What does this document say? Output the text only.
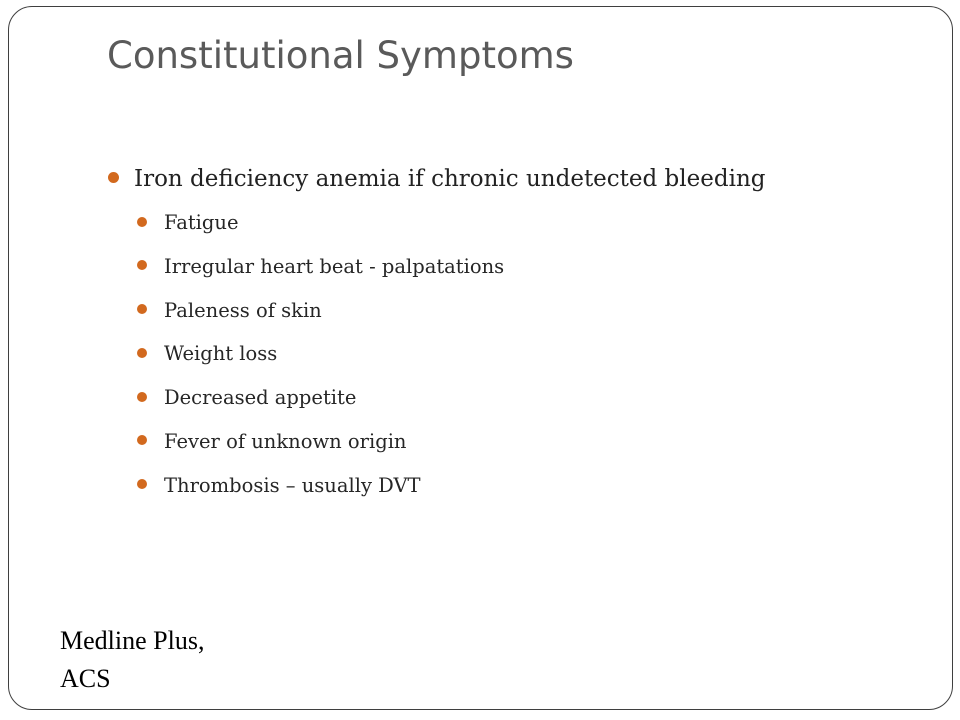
Constitutional Symptoms
Iron deficiency anemia if chronic undetected bleeding
Fatigue
Irregular heart beat - palpatations
Paleness of skin
Weight loss
Decreased appetite
Fever of unknown origin
Thrombosis – usually DVT
Medline Plus,
ACS
